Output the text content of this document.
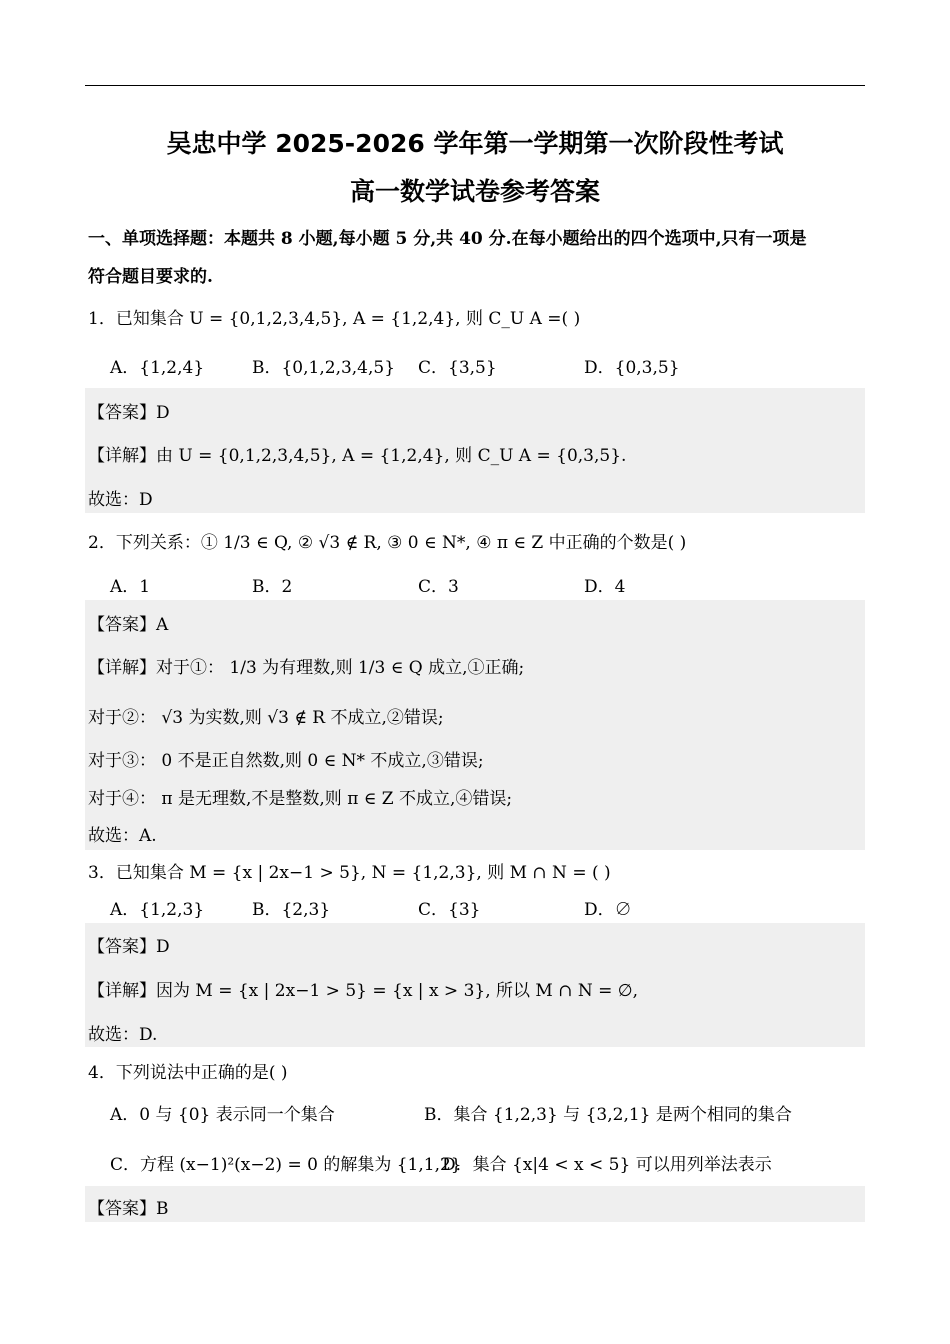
吴忠中学 2025-2026 学年第一学期第一次阶段性考试
高一数学试卷参考答案
一、单项选择题：本题共 8 小题,每小题 5 分,共 40 分.在每小题给出的四个选项中,只有一项是
符合题目要求的.
1．已知集合 U = {0,1,2,3,4,5}, A = {1,2,4}, 则 C_U A =( )
A．{1,2,4}	B．{0,1,2,3,4,5} C．{3,5}	D．{0,3,5}
【答案】D
【详解】由 U = {0,1,2,3,4,5}, A = {1,2,4}, 则 C_U A = {0,3,5}.
故选：D
2．下列关系：① 1/3 ∈ Q, ② √3 ∉ R, ③ 0 ∈ N*, ④ π ∈ Z 中正确的个数是( )
A．1	B．2	C．3	D．4
【答案】A
【详解】对于①： 1/3 为有理数,则 1/3 ∈ Q 成立,①正确;
对于②： √3 为实数,则 √3 ∉ R 不成立,②错误;
对于③： 0 不是正自然数,则 0 ∈ N* 不成立,③错误;
对于④： π 是无理数,不是整数,则 π ∈ Z 不成立,④错误;
故选：A.
3．已知集合 M = {x | 2x−1 > 5}, N = {1,2,3}, 则 M ∩ N = ( )
A．{1,2,3}	B．{2,3}	C．{3}	D．∅
【答案】D
【详解】因为 M = {x | 2x−1 > 5} = {x | x > 3}, 所以 M ∩ N = ∅,
故选：D.
4．下列说法中正确的是( )
A．0 与 {0} 表示同一个集合	B．集合 {1,2,3} 与 {3,2,1} 是两个相同的集合
C．方程 (x−1)²(x−2) = 0 的解集为 {1,1,2}
D．集合 {x|4 < x < 5} 可以用列举法表示
【答案】B
